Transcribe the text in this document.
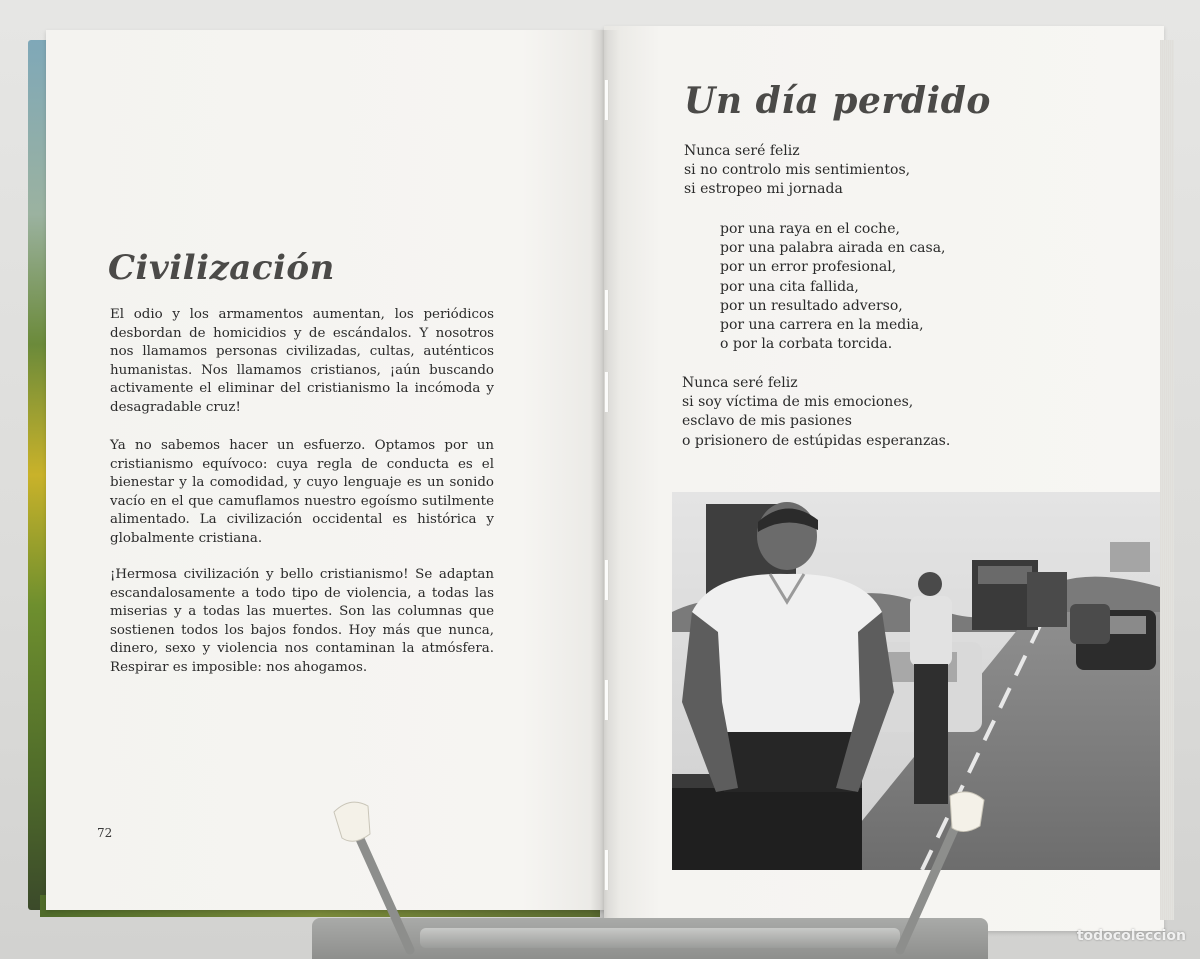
Civilización

El odio y los armamentos aumentan, los periódicos desbordan de homicidios y de escándalos. Y nosotros nos llamamos personas civilizadas, cultas, auténticos humanistas. Nos llamamos cristianos, ¡aún buscando activamente el eliminar del cristianismo la incómoda y desagradable cruz!

Ya no sabemos hacer un esfuerzo. Optamos por un cristianismo equívoco: cuya regla de conducta es el bienestar y la comodidad, y cuyo lenguaje es un sonido vacío en el que camuflamos nuestro egoísmo sutilmente alimentado. La civilización occidental es histórica y globalmente cristiana.

¡Hermosa civilización y bello cristianismo! Se adaptan escandalosamente a todo tipo de violencia, a todas las miserias y a todas las muertes. Son las columnas que sostienen todos los bajos fondos. Hoy más que nunca, dinero, sexo y violencia nos contaminan la atmósfera. Respirar es imposible: nos ahogamos.

72
Un día perdido
Nunca seré feliz
si no controlo mis sentimientos,
si estropeo mi jornada
por una raya en el coche,
por una palabra airada en casa,
por un error profesional,
por una cita fallida,
por un resultado adverso,
por una carrera en la media,
o por la corbata torcida.
Nunca seré feliz
si soy víctima de mis emociones,
esclavo de mis pasiones
o prisionero de estúpidas esperanzas.
todocoleccion
